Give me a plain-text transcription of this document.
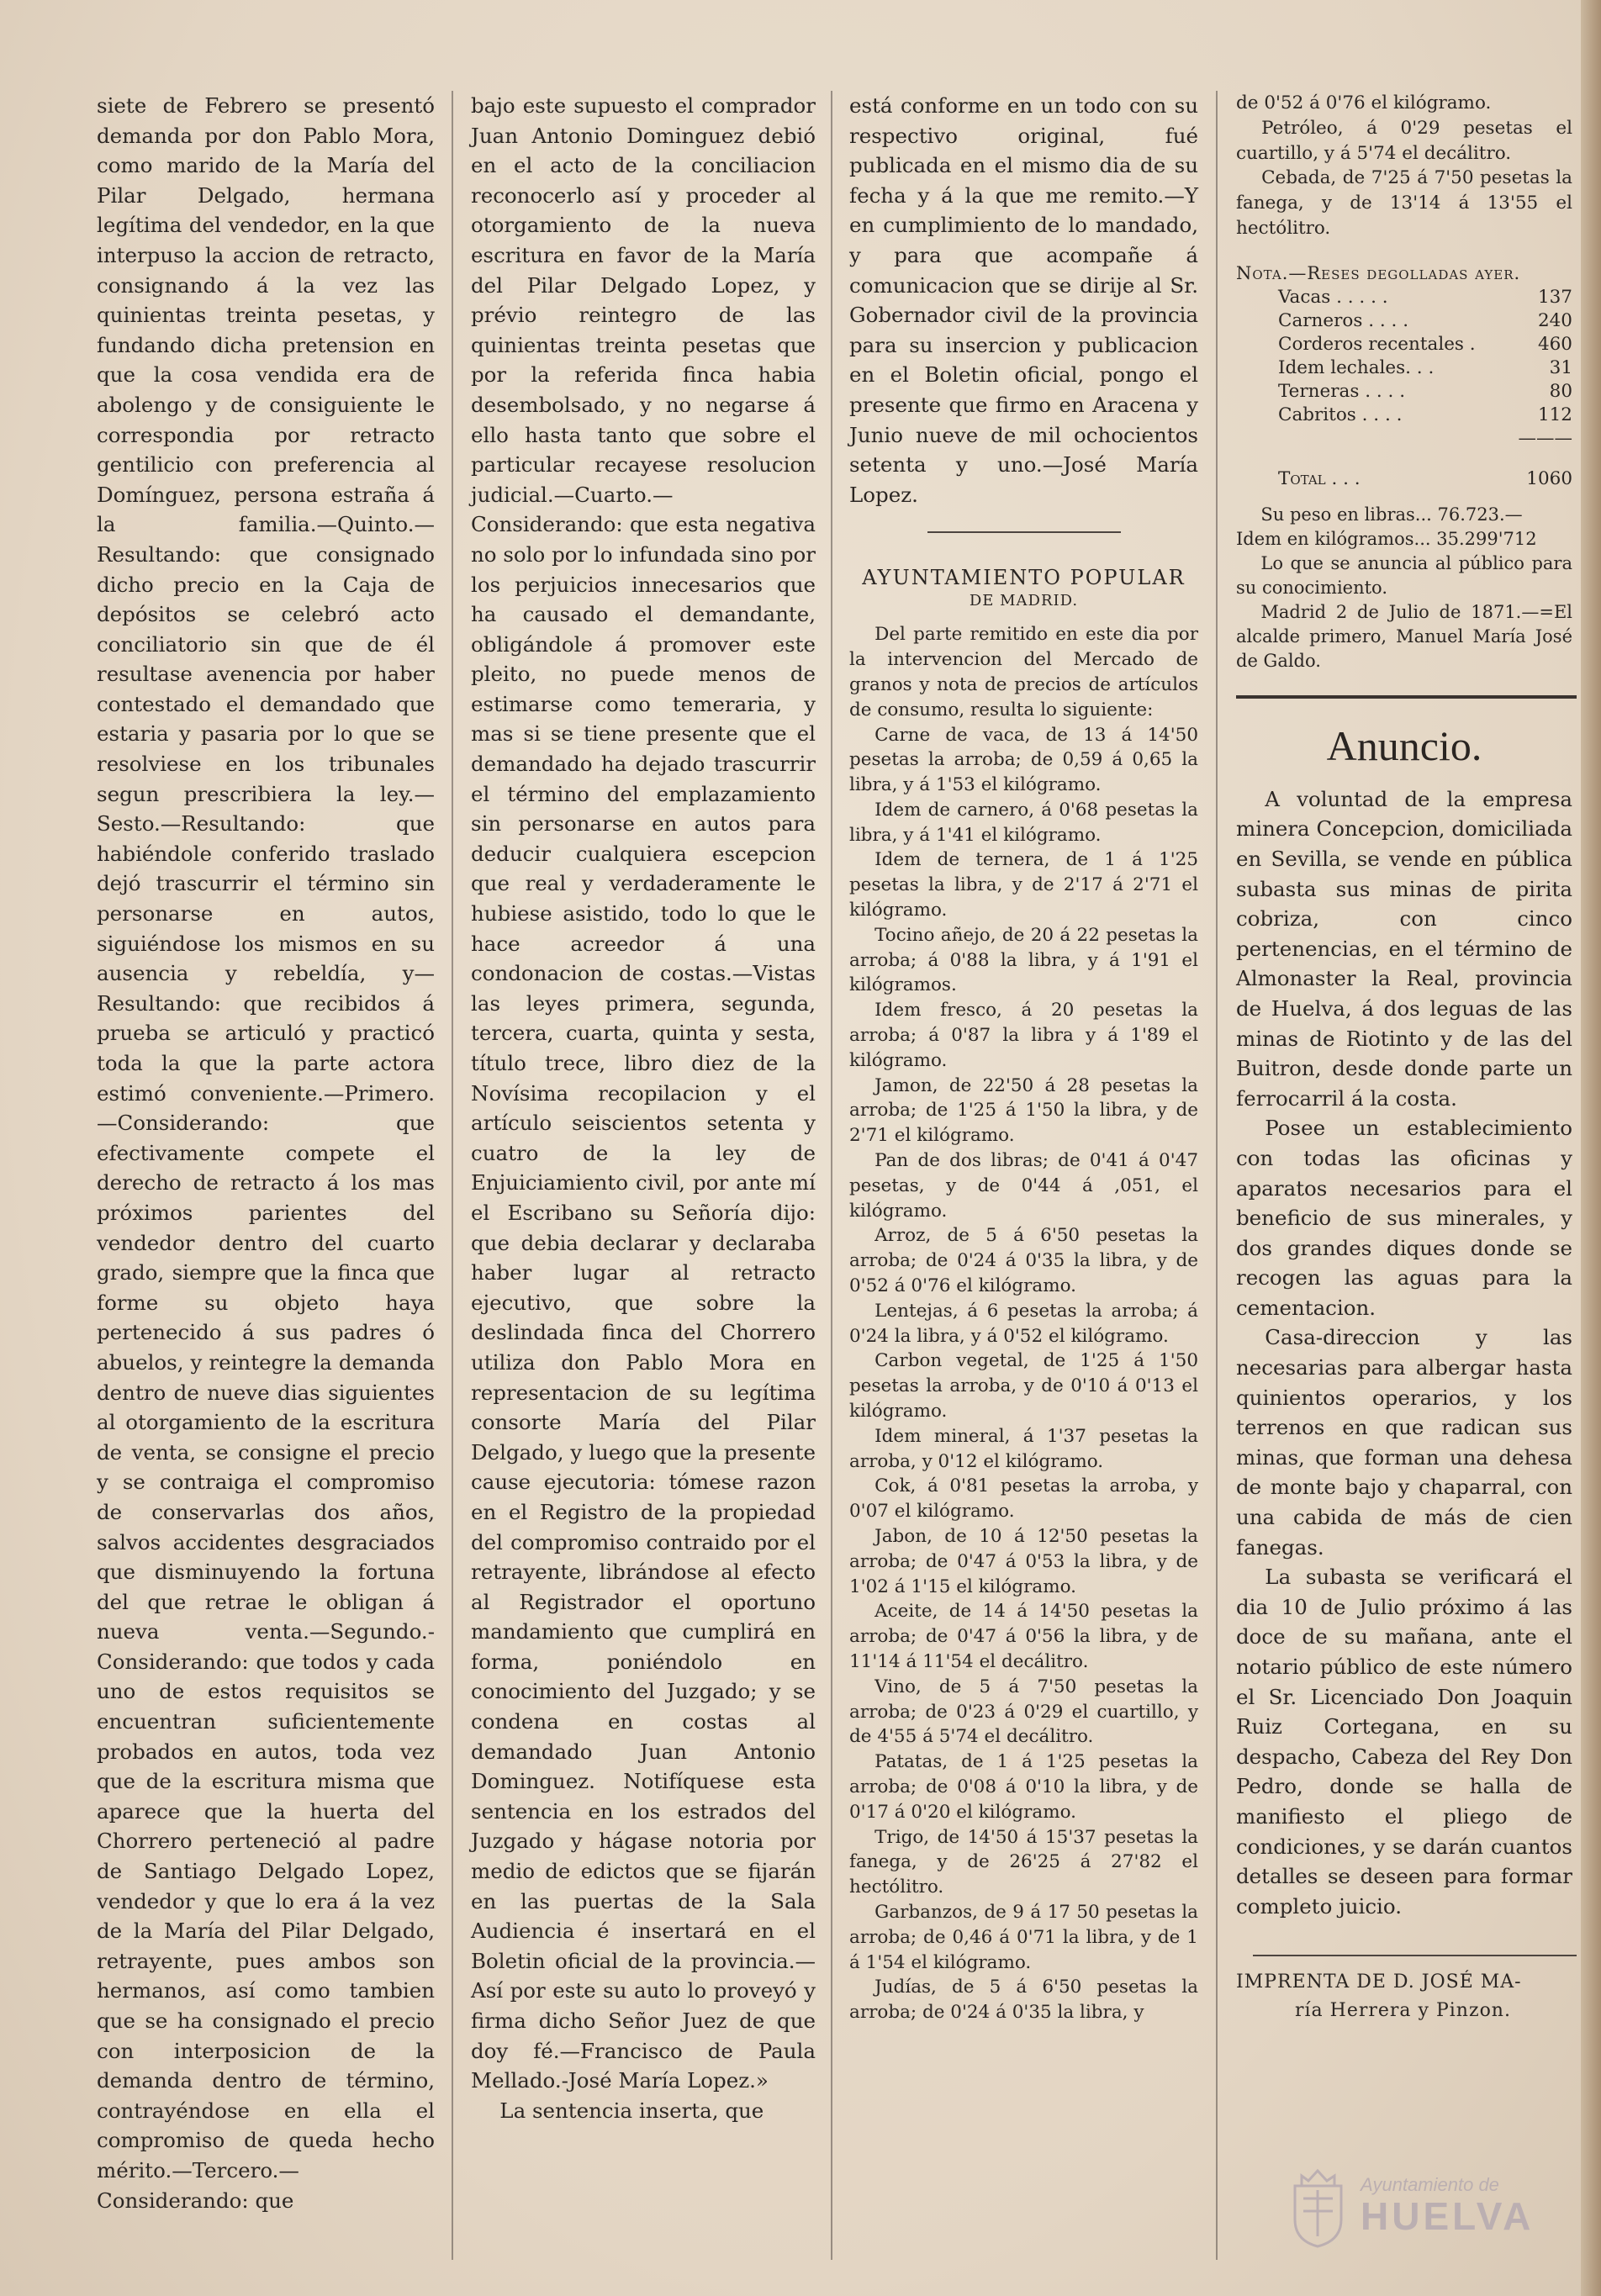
siete de Febrero se presentó demanda por don Pablo Mora, como marido de la María del Pilar Delgado, hermana legítima del vendedor, en la que interpuso la accion de retracto, consignando á la vez las quinientas treinta pesetas, y fundando dicha pretension en que la cosa vendida era de abolengo y de consiguiente le correspondia por retracto gentilicio con preferencia al Domínguez, persona estraña á la familia.—Quinto.—Resultando: que consignado dicho precio en la Caja de depósitos se celebró acto conciliatorio sin que de él resultase avenencia por haber contestado el demandado que estaria y pasaria por lo que se resolviese en los tribunales segun prescribiera la ley.—Sesto.—Resultando: que habiéndole conferido traslado dejó trascurrir el término sin personarse en autos, siguiéndose los mismos en su ausencia y rebeldía, y—Resultando: que recibidos á prueba se articuló y practicó toda la que la parte actora estimó conveniente.—Primero.—Considerando: que efectivamente compete el derecho de retracto á los mas próximos parientes del vendedor dentro del cuarto grado, siempre que la finca que forme su objeto haya pertenecido á sus padres ó abuelos, y reintegre la demanda dentro de nueve dias siguientes al otorgamiento de la escritura de venta, se consigne el precio y se contraiga el compromiso de conservarlas dos años, salvos accidentes desgraciados que disminuyendo la fortuna del que retrae le obligan á nueva venta.—Segundo.-Considerando: que todos y cada uno de estos requisitos se encuentran suficientemente probados en autos, toda vez que de la escritura misma que aparece que la huerta del Chorrero perteneció al padre de Santiago Delgado Lopez, vendedor y que lo era á la vez de la María del Pilar Delgado, retrayente, pues ambos son hermanos, así como tambien que se ha consignado el precio con interposicion de la demanda dentro de término, contrayéndose en ella el compromiso de queda hecho mérito.—Tercero.—Considerando: que

bajo este supuesto el comprador Juan Antonio Dominguez debió en el acto de la conciliacion reconocerlo así y proceder al otorgamiento de la nueva escritura en favor de la María del Pilar Delgado Lopez, y prévio reintegro de las quinientas treinta pesetas que por la referida finca habia desembolsado, y no negarse á ello hasta tanto que sobre el particular recayese resolucion judicial.—Cuarto.—Considerando: que esta negativa no solo por lo infundada sino por los perjuicios innecesarios que ha causado el demandante, obligándole á promover este pleito, no puede menos de estimarse como temeraria, y mas si se tiene presente que el demandado ha dejado trascurrir el término del emplazamiento sin personarse en autos para deducir cualquiera escepcion que real y verdaderamente le hubiese asistido, todo lo que le hace acreedor á una condonacion de costas.—Vistas las leyes primera, segunda, tercera, cuarta, quinta y sesta, título trece, libro diez de la Novísima recopilacion y el artículo seiscientos setenta y cuatro de la ley de Enjuiciamiento civil, por ante mí el Escribano su Señoría dijo: que debia declarar y declaraba haber lugar al retracto ejecutivo, que sobre la deslindada finca del Chorrero utiliza don Pablo Mora en representacion de su legítima consorte María del Pilar Delgado, y luego que la presente cause ejecutoria: tómese razon en el Registro de la propiedad del compromiso contraido por el retrayente, librándose al efecto al Registrador el oportuno mandamiento que cumplirá en forma, poniéndolo en conocimiento del Juzgado; y se condena en costas al demandado Juan Antonio Dominguez. Notifíquese esta sentencia en los estrados del Juzgado y hágase notoria por medio de edictos que se fijarán en las puertas de la Sala Audiencia é insertará en el Boletin oficial de la provincia.—Así por este su auto lo proveyó y firma dicho Señor Juez de que doy fé.—Francisco de Paula Mellado.-José María Lopez.»

La sentencia inserta, que

está conforme en un todo con su respectivo original, fué publicada en el mismo dia de su fecha y á la que me remito.—Y en cumplimiento de lo mandado, y para que acompañe á comunicacion que se dirije al Sr. Gobernador civil de la provincia para su insercion y publicacion en el Boletin oficial, pongo el presente que firmo en Aracena y Junio nueve de mil ochocientos setenta y uno.—José María Lopez.

AYUNTAMIENTO POPULAR
DE MADRID.

Del parte remitido en este dia por la intervencion del Mercado de granos y nota de precios de artículos de consumo, resulta lo siguiente:

Carne de vaca, de 13 á 14'50 pesetas la arroba; de 0,59 á 0,65 la libra, y á 1'53 el kilógramo.

Idem de carnero, á 0'68 pesetas la libra, y á 1'41 el kilógramo.

Idem de ternera, de 1 á 1'25 pesetas la libra, y de 2'17 á 2'71 el kilógramo.

Tocino añejo, de 20 á 22 pesetas la arroba; á 0'88 la libra, y á 1'91 el kilógramos.

Idem fresco, á 20 pesetas la arroba; á 0'87 la libra y á 1'89 el kilógramo.

Jamon, de 22'50 á 28 pesetas la arroba; de 1'25 á 1'50 la libra, y de 2'71 el kilógramo.

Pan de dos libras; de 0'41 á 0'47 pesetas, y de 0'44 á ,051, el kilógramo.

Arroz, de 5 á 6'50 pesetas la arroba; de 0'24 á 0'35 la libra, y de 0'52 á 0'76 el kilógramo.

Lentejas, á 6 pesetas la arroba; á 0'24 la libra, y á 0'52 el kilógramo.

Carbon vegetal, de 1'25 á 1'50 pesetas la arroba, y de 0'10 á 0'13 el kilógramo.

Idem mineral, á 1'37 pesetas la arroba, y 0'12 el kilógramo.

Cok, á 0'81 pesetas la arroba, y 0'07 el kilógramo.

Jabon, de 10 á 12'50 pesetas la arroba; de 0'47 á 0'53 la libra, y de 1'02 á 1'15 el kilógramo.

Aceite, de 14 á 14'50 pesetas la arroba; de 0'47 á 0'56 la libra, y de 11'14 á 11'54 el decálitro.

Vino, de 5 á 7'50 pesetas la arroba; de 0'23 á 0'29 el cuartillo, y de 4'55 á 5'74 el decálitro.

Patatas, de 1 á 1'25 pesetas la arroba; de 0'08 á 0'10 la libra, y de 0'17 á 0'20 el kilógramo.

Trigo, de 14'50 á 15'37 pesetas la fanega, y de 26'25 á 27'82 el hectólitro.

Garbanzos, de 9 á 17 50 pesetas la arroba; de 0,46 á 0'71 la libra, y de 1 á 1'54 el kilógramo.

Judías, de 5 á 6'50 pesetas la arroba; de 0'24 á 0'35 la libra, y

de 0'52 á 0'76 el kilógramo.

Petróleo, á 0'29 pesetas el cuartillo, y á 5'74 el decálitro.

Cebada, de 7'25 á 7'50 pesetas la fanega, y de 13'14 á 13'55 el hectólitro.

Nota.—Reses degolladas ayer.
Vacas . . . . .	137
Carneros . . . .	240
Corderos recentales .	460
Idem lechales. . .	31
Terneras . . . .	80
Cabritos . . . .	112
	———
Total . . .	1060

Su peso en libras... 76.723.—

Idem en kilógramos... 35.299'712

Lo que se anuncia al público para su conocimiento.

Madrid 2 de Julio de 1871.—=El alcalde primero, Manuel María José de Galdo.

Anuncio.

A voluntad de la empresa minera Concepcion, domiciliada en Sevilla, se vende en pública subasta sus minas de pirita cobriza, con cinco pertenencias, en el término de Almonaster la Real, provincia de Huelva, á dos leguas de las minas de Riotinto y de las del Buitron, desde donde parte un ferrocarril á la costa.

Posee un establecimiento con todas las oficinas y aparatos necesarios para el beneficio de sus minerales, y dos grandes diques donde se recogen las aguas para la cementacion.

Casa-direccion y las necesarias para albergar hasta quinientos operarios, y los terrenos en que radican sus minas, que forman una dehesa de monte bajo y chaparral, con una cabida de más de cien fanegas.

La subasta se verificará el dia 10 de Julio próximo á las doce de su mañana, ante el notario público de este número el Sr. Licenciado Don Joaquin Ruiz Cortegana, en su despacho, Cabeza del Rey Don Pedro, donde se halla de manifiesto el pliego de condiciones, y se darán cuantos detalles se deseen para formar completo juicio.

IMPRENTA DE D. JOSÉ MA-
ría Herrera y Pinzon.
Ayuntamiento de
HUELVA
